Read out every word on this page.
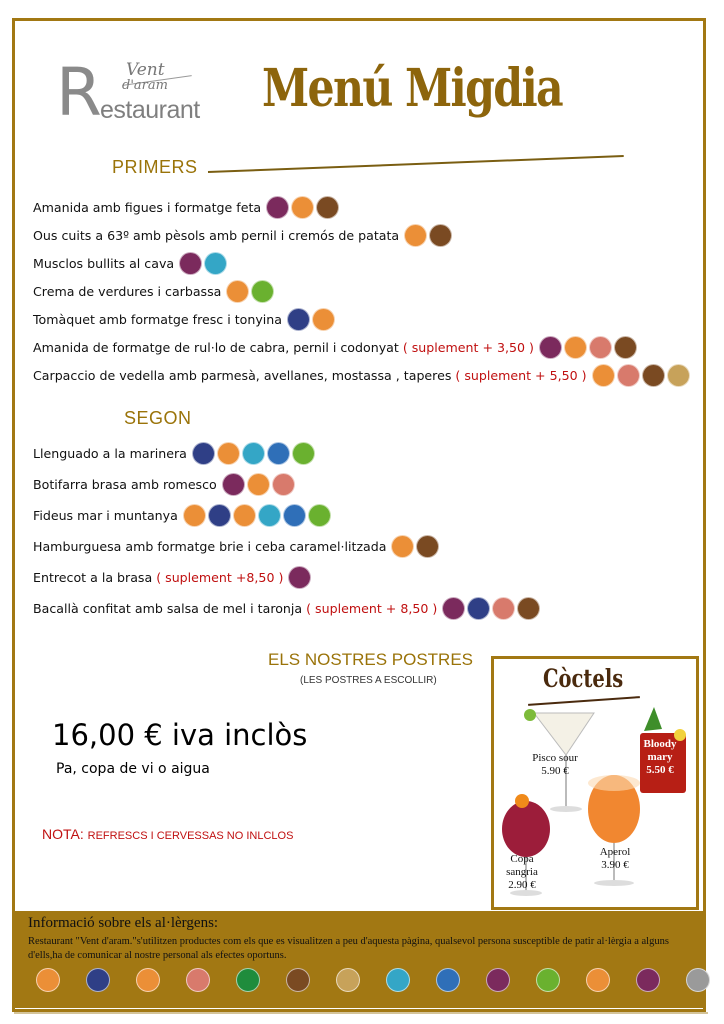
R Vent
d'aram
estaurant Menú Migdia
PRIMERS
Amanida amb figues i formatge feta
Ous cuits a 63º amb pèsols amb pernil i cremós de patata
Musclos bullits al cava
Crema de verdures i carbassa
Tomàquet amb formatge fresc i tonyina
Amanida de formatge de rul·lo de cabra, pernil i codonyat ( suplement + 3,50 )
Carpaccio de vedella amb parmesà, avellanes, mostassa , taperes ( suplement + 5,50 )
SEGON
Llenguado a la marinera
Botifarra brasa amb romesco
Fideus mar i muntanya
Hamburguesa amb formatge brie i ceba caramel·litzada
Entrecot a la brasa ( suplement +8,50 )
Bacallà confitat amb salsa de mel i taronja ( suplement + 8,50 )
ELS NOSTRES POSTRES
(LES POSTRES A ESCOLLIR)
16,00 € iva inclòs
Pa, copa de vi o aigua
NOTA: REFRESCS I CERVESSAS NO INLCLOS
Còctels
Pisco sour
5.90 €
Bloody mary
5.50 €
Aperol
3.90 €
Copa sangria
2.90 €
Informació sobre els al·lèrgens:
Restaurant "Vent d'aram."s'utilitzen productes com els que es visualitzen a peu d'aquesta pàgina, qualsevol persona susceptible de patir al·lèrgia a alguns d'ells,ha de comunicar al nostre personal als efectes oportuns.
